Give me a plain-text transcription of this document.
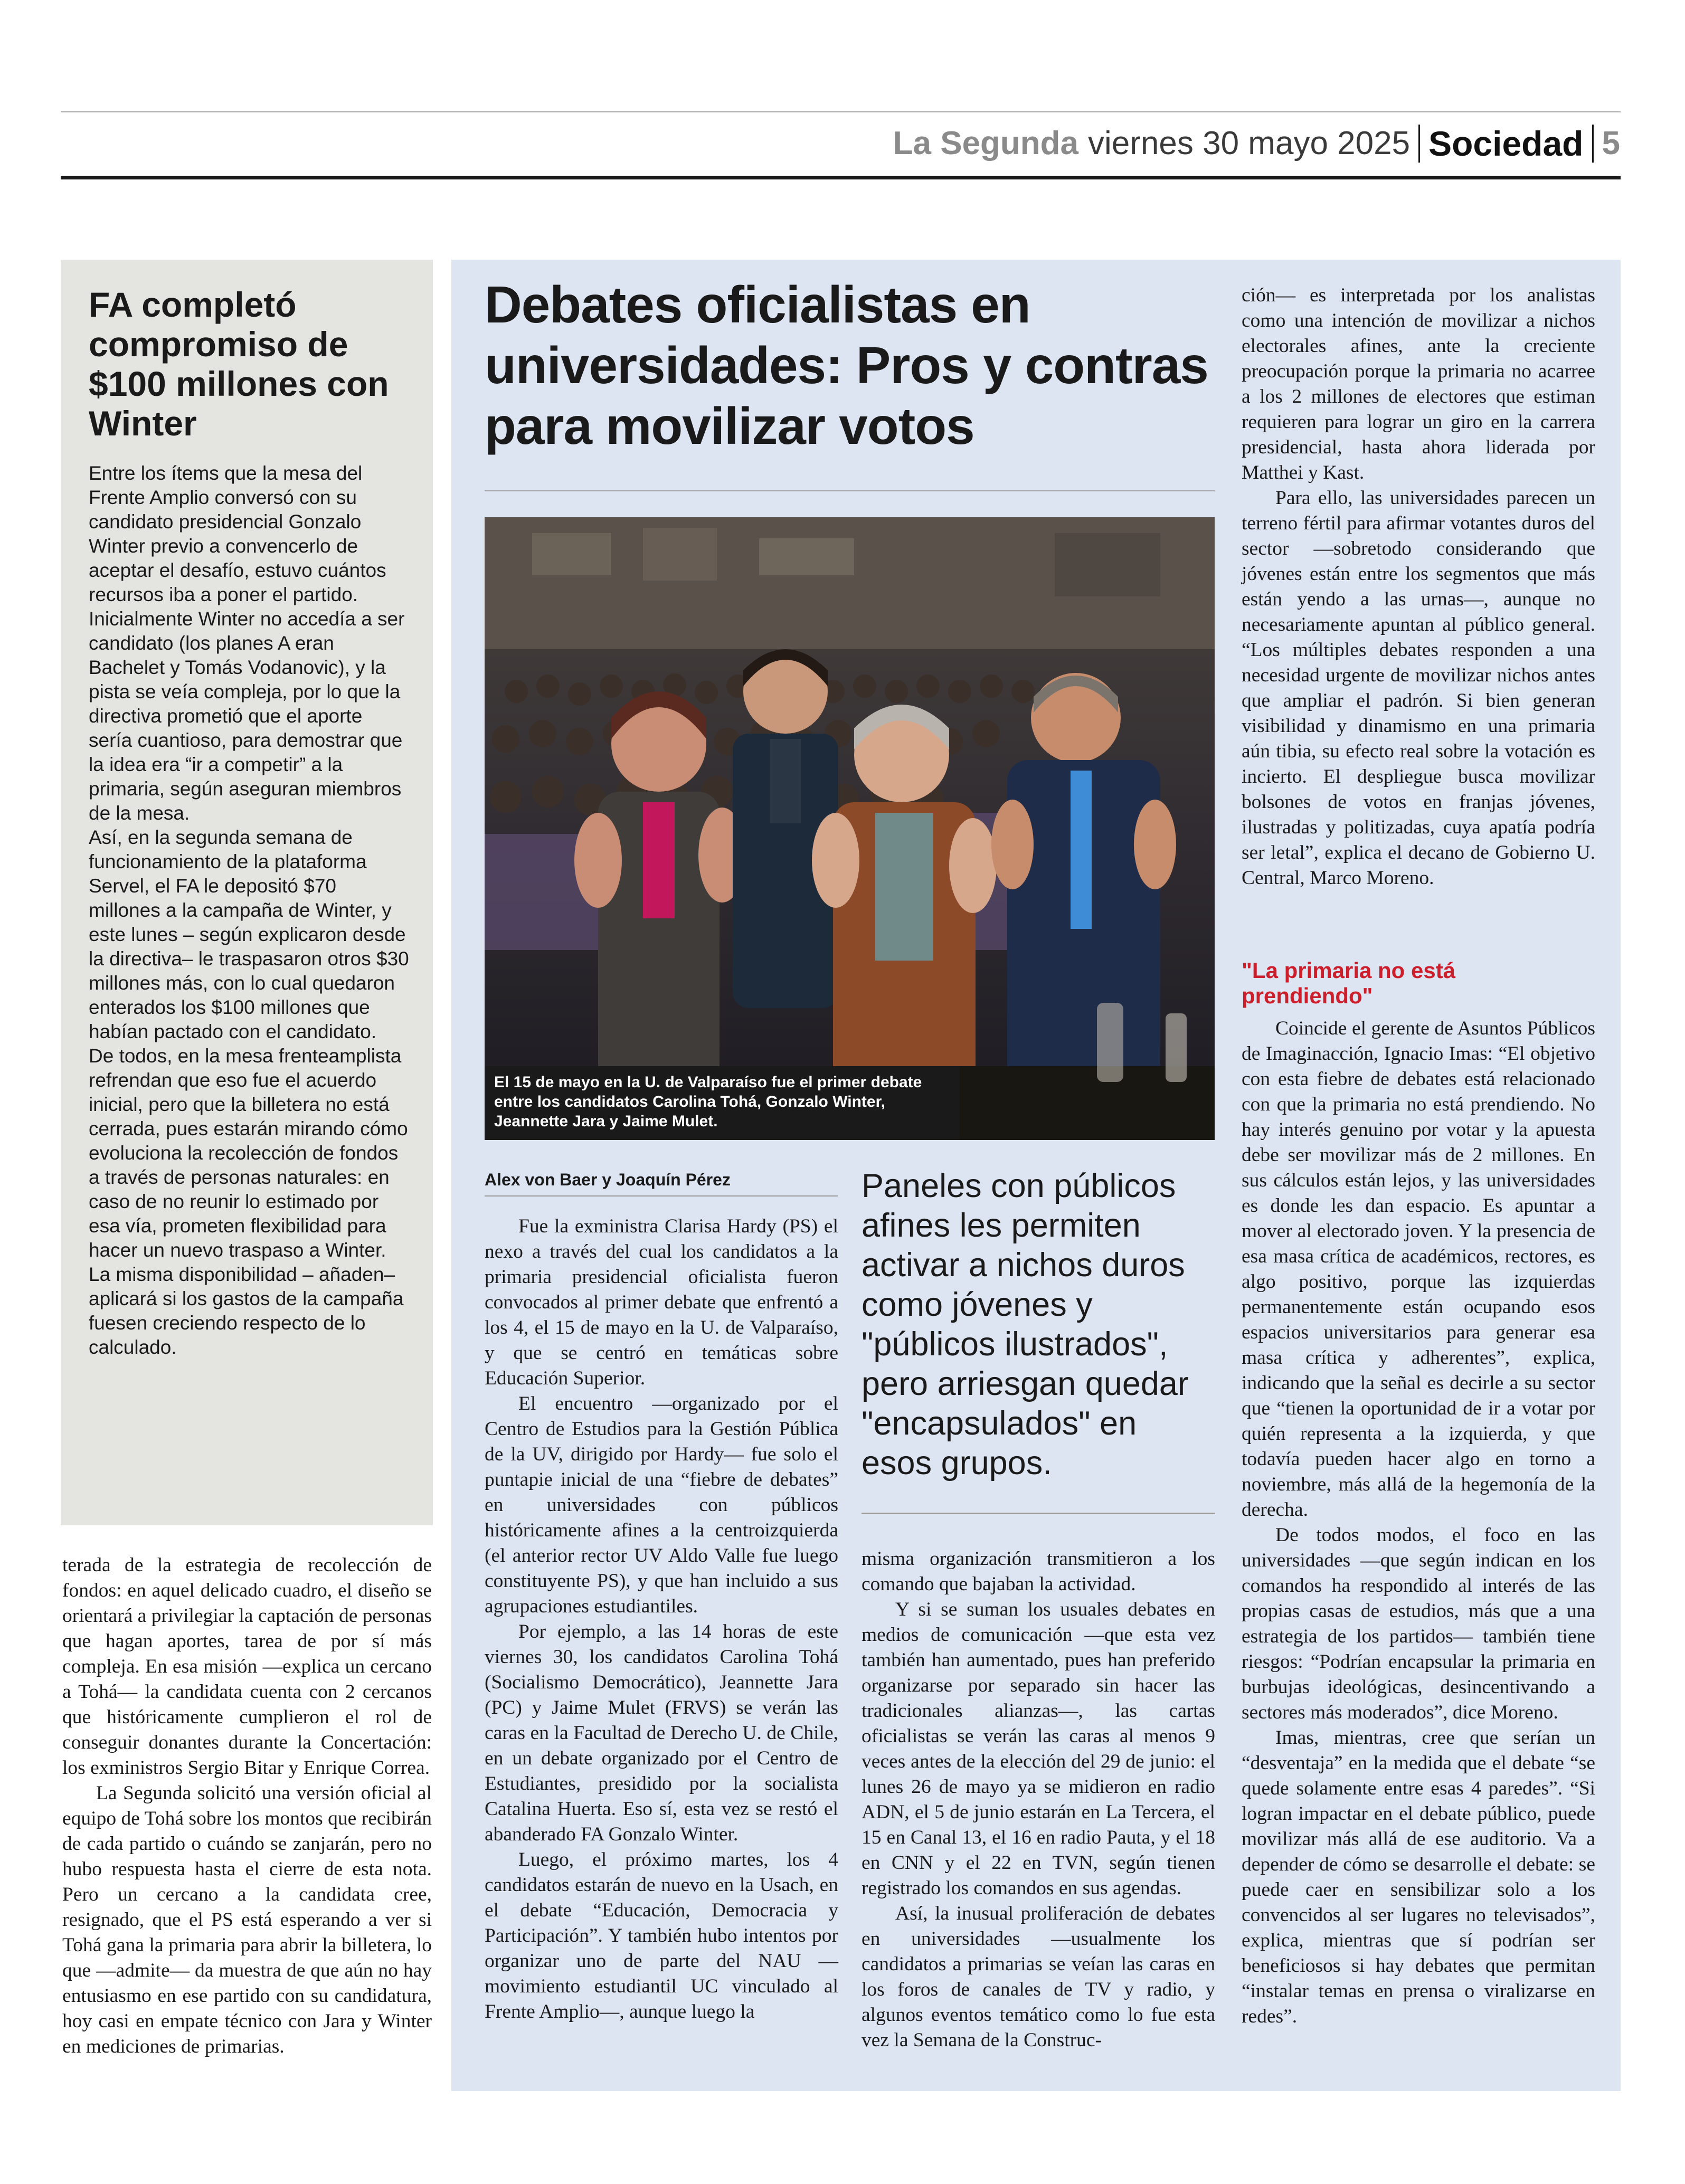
La Segunda viernes 30 mayo 2025 Sociedad 5
FA completó compromiso de $100 millones con Winter

Entre los ítems que la mesa del Frente Amplio conversó con su candidato presidencial Gonzalo Winter previo a convencerlo de aceptar el desafío, estuvo cuántos recursos iba a poner el partido. Inicialmente Winter no accedía a ser candidato (los planes A eran Bachelet y Tomás Vodanovic), y la pista se veía compleja, por lo que la directiva prometió que el aporte sería cuantioso, para demostrar que la idea era “ir a competir” a la primaria, según aseguran miembros de la mesa.

Así, en la segunda semana de funcionamiento de la plataforma Servel, el FA le depositó $70 millones a la campaña de Winter, y este lunes – según explicaron desde la directiva– le traspasaron otros $30 millones más, con lo cual quedaron enterados los $100 millones que habían pactado con el candidato.

De todos, en la mesa frenteamplista refrendan que eso fue el acuerdo inicial, pero que la billetera no está cerrada, pues estarán mirando cómo evoluciona la recolección de fondos a través de personas naturales: en caso de no reunir lo estimado por esa vía, prometen flexibilidad para hacer un nuevo traspaso a Winter.

La misma disponibilidad – añaden– aplicará si los gastos de la campaña fuesen creciendo respecto de lo calculado.

terada de la estrategia de recolección de fondos: en aquel delicado cuadro, el diseño se orientará a privilegiar la captación de personas que hagan aportes, tarea de por sí más compleja. En esa misión —explica un cercano a Tohá— la candidata cuenta con 2 cercanos que históricamente cumplieron el rol de conseguir donantes durante la Concertación: los exministros Sergio Bitar y Enrique Correa.

La Segunda solicitó una versión oficial al equipo de Tohá sobre los montos que recibirán de cada partido o cuándo se zanjarán, pero no hubo respuesta hasta el cierre de esta nota. Pero un cercano a la candidata cree, resignado, que el PS está esperando a ver si Tohá gana la primaria para abrir la billetera, lo que —admite— da muestra de que aún no hay entusiasmo en ese partido con su candidatura, hoy casi en empate técnico con Jara y Winter en mediciones de primarias.

Debates oficialistas en universidades: Pros y contras para movilizar votos
El 15 de mayo en la U. de Valparaíso fue el primer debate entre los candidatos Carolina Tohá, Gonzalo Winter, Jeannette Jara y Jaime Mulet.
Alex von Baer y Joaquín Pérez

Fue la exministra Clarisa Hardy (PS) el nexo a través del cual los candidatos a la primaria presidencial oficialista fueron convocados al primer debate que enfrentó a los 4, el 15 de mayo en la U. de Valparaíso, y que se centró en temáticas sobre Educación Superior.

El encuentro —organizado por el Centro de Estudios para la Gestión Pública de la UV, dirigido por Hardy— fue solo el puntapie inicial de una “fiebre de debates” en universidades con públicos históricamente afines a la centroizquierda (el anterior rector UV Aldo Valle fue luego constituyente PS), y que han incluido a sus agrupaciones estudiantiles.

Por ejemplo, a las 14 horas de este viernes 30, los candidatos Carolina Tohá (Socialismo Democrático), Jeannette Jara (PC) y Jaime Mulet (FRVS) se verán las caras en la Facultad de Derecho U. de Chile, en un debate organizado por el Centro de Estudiantes, presidido por la socialista Catalina Huerta. Eso sí, esta vez se restó el abanderado FA Gonzalo Winter.

Luego, el próximo martes, los 4 candidatos estarán de nuevo en la Usach, en el debate “Educación, Democracia y Participación”. Y también hubo intentos por organizar uno de parte del NAU —movimiento estudiantil UC vinculado al Frente Amplio—, aunque luego la

Paneles con públicos afines les permiten activar a nichos duros como jóvenes y "públicos ilustrados", pero arriesgan quedar "encapsulados" en esos grupos.

misma organización transmitieron a los comando que bajaban la actividad.

Y si se suman los usuales debates en medios de comunicación —que esta vez también han aumentado, pues han preferido organizarse por separado sin hacer las tradicionales alianzas—, las cartas oficialistas se verán las caras al menos 9 veces antes de la elección del 29 de junio: el lunes 26 de mayo ya se midieron en radio ADN, el 5 de junio estarán en La Tercera, el 15 en Canal 13, el 16 en radio Pauta, y el 18 en CNN y el 22 en TVN, según tienen registrado los comandos en sus agendas.

Así, la inusual proliferación de debates en universidades —usualmente los candidatos a primarias se veían las caras en los foros de canales de TV y radio, y algunos eventos temático como lo fue esta vez la Semana de la Construc-

ción— es interpretada por los analistas como una intención de movilizar a nichos electorales afines, ante la creciente preocupación porque la primaria no acarree a los 2 millones de electores que estiman requieren para lograr un giro en la carrera presidencial, hasta ahora liderada por Matthei y Kast.

Para ello, las universidades parecen un terreno fértil para afirmar votantes duros del sector —sobretodo considerando que jóvenes están entre los segmentos que más están yendo a las urnas—, aunque no necesariamente apuntan al público general. “Los múltiples debates responden a una necesidad urgente de movilizar nichos antes que ampliar el padrón. Si bien generan visibilidad y dinamismo en una primaria aún tibia, su efecto real sobre la votación es incierto. El despliegue busca movilizar bolsones de votos en franjas jóvenes, ilustradas y politizadas, cuya apatía podría ser letal”, explica el decano de Gobierno U. Central, Marco Moreno.

"La primaria no está prendiendo"

Coincide el gerente de Asuntos Públicos de Imaginacción, Ignacio Imas: “El objetivo con esta fiebre de debates está relacionado con que la primaria no está prendiendo. No hay interés genuino por votar y la apuesta debe ser movilizar más de 2 millones. En sus cálculos están lejos, y las universidades es donde les dan espacio. Es apuntar a mover al electorado joven. Y la presencia de esa masa crítica de académicos, rectores, es algo positivo, porque las izquierdas permanentemente están ocupando esos espacios universitarios para generar esa masa crítica y adherentes”, explica, indicando que la señal es decirle a su sector que “tienen la oportunidad de ir a votar por quién representa a la izquierda, y que todavía pueden hacer algo en torno a noviembre, más allá de la hegemonía de la derecha.

De todos modos, el foco en las universidades —que según indican en los comandos ha respondido al interés de las propias casas de estudios, más que a una estrategia de los partidos— también tiene riesgos: “Podrían encapsular la primaria en burbujas ideológicas, desincentivando a sectores más moderados”, dice Moreno.

Imas, mientras, cree que serían un “desventaja” en la medida que el debate “se quede solamente entre esas 4 paredes”. “Si logran impactar en el debate público, puede movilizar más allá de ese auditorio. Va a depender de cómo se desarrolle el debate: se puede caer en sensibilizar solo a los convencidos al ser lugares no televisados”, explica, mientras que sí podrían ser beneficiosos si hay debates que permitan “instalar temas en prensa o viralizarse en redes”.
